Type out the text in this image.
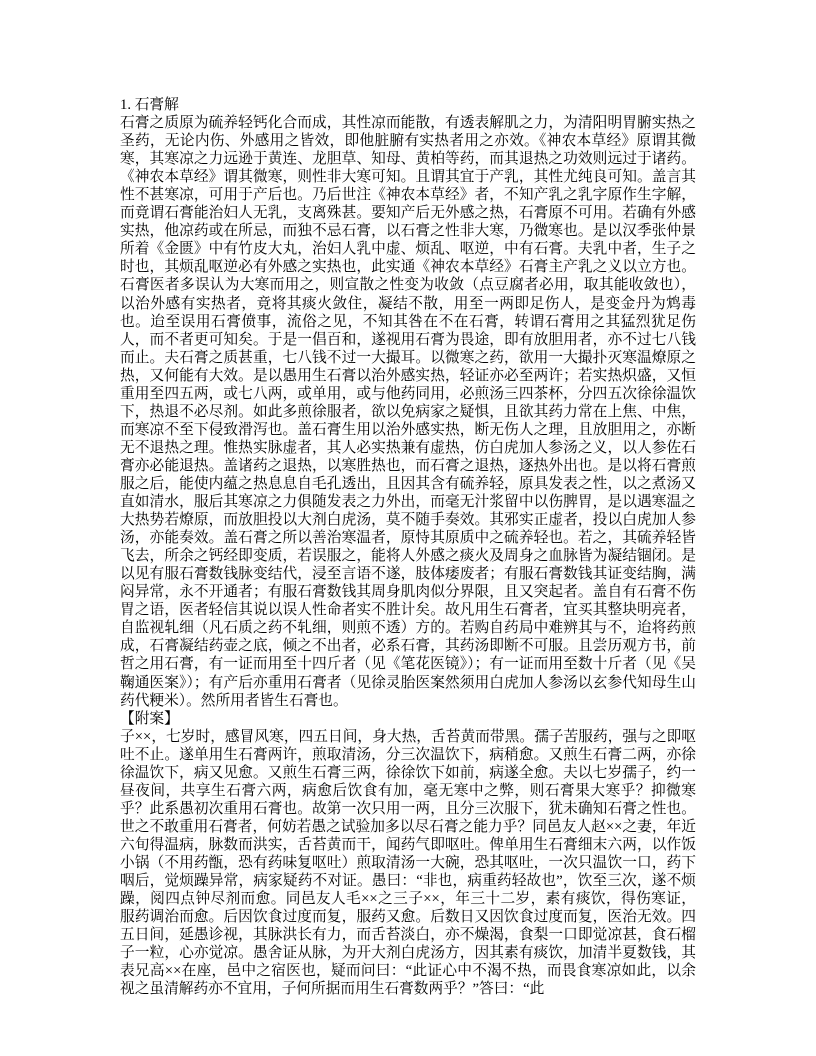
1. 石膏解

石膏之质原为硫养轻钙化合而成，其性凉而能散，有透表解肌之力，为清阳明胃腑实热之圣药，无论内伤、外感用之皆效，即他脏腑有实热者用之亦效。《神农本草经》原谓其微寒，其寒凉之力远逊于黄连、龙胆草、知母、黄柏等药，而其退热之功效则远过于诸药。《神农本草经》谓其微寒，则性非大寒可知。且谓其宜于产乳，其性尤纯良可知。盖言其性不甚寒凉，可用于产后也。乃后世注《神农本草经》者，不知产乳之乳字原作生字解，而竟谓石膏能治妇人无乳，支离殊甚。要知产后无外感之热，石膏原不可用。若确有外感实热，他凉药或在所忌，而独不忌石膏，以石膏之性非大寒，乃微寒也。是以汉季张仲景所着《金匮》中有竹皮大丸，治妇人乳中虚、烦乱、呕逆，中有石膏。夫乳中者，生子之时也，其烦乱呕逆必有外感之实热也，此实通《神农本草经》石膏主产乳之义以立方也。石膏医者多误认为大寒而用之，则宣散之性变为收敛（点豆腐者必用，取其能收敛也），以治外感有实热者，竟将其痰火敛住，凝结不散，用至一两即足伤人，是变金丹为鸩毒也。迨至误用石膏偾事，流俗之见，不知其咎在不在石膏，转谓石膏用之其猛烈犹足伤人，而不者更可知矣。于是一倡百和，遂视用石膏为畏途，即有放胆用者，亦不过七八钱而止。夫石膏之质甚重，七八钱不过一大撮耳。以微寒之药，欲用一大撮扑灭寒温燎原之热，又何能有大效。是以愚用生石膏以治外感实热，轻证亦必至两许；若实热炽盛，又恒重用至四五两，或七八两，或单用，或与他药同用，必煎汤三四茶杯，分四五次徐徐温饮下，热退不必尽剂。如此多煎徐服者，欲以免病家之疑惧，且欲其药力常在上焦、中焦，而寒凉不至下侵致滑泻也。盖石膏生用以治外感实热，断无伤人之理，且放胆用之，亦断无不退热之理。惟热实脉虚者，其人必实热兼有虚热，仿白虎加人参汤之义，以人参佐石膏亦必能退热。盖诸药之退热，以寒胜热也，而石膏之退热，逐热外出也。是以将石膏煎服之后，能使内蕴之热息息自毛孔透出，且因其含有硫养轻，原具发表之性，以之煮汤又直如清水，服后其寒凉之力俱随发表之力外出，而毫无汁浆留中以伤脾胃，是以遇寒温之大热势若燎原，而放胆投以大剂白虎汤，莫不随手奏效。其邪实正虚者，投以白虎加人参汤，亦能奏效。盖石膏之所以善治寒温者，原恃其原质中之硫养轻也。若之，其硫养轻皆飞去，所余之钙经即变质，若误服之，能将人外感之痰火及周身之血脉皆为凝结锢闭。是以见有服石膏数钱脉变结代，浸至言语不遂，肢体痿废者；有服石膏数钱其证变结胸，满闷异常，永不开通者；有服石膏数钱其周身肌肉似分界限，且又突起者。盖自有石膏不伤胃之语，医者轻信其说以误人性命者实不胜计矣。故凡用生石膏者，宜买其整块明亮者，自监视轧细（凡石质之药不轧细，则煎不透）方的。若购自药局中难辨其与不，迨将药煎成，石膏凝结药壶之底，倾之不出者，必系石膏，其药汤即断不可服。且尝历观方书，前哲之用石膏，有一证而用至十四斤者（见《笔花医镜》）；有一证而用至数十斤者（见《吴鞠通医案》）；有产后亦重用石膏者（见徐灵胎医案然须用白虎加人参汤以玄参代知母生山药代粳米）。然所用者皆生石膏也。

【附案】

子××，七岁时，感冒风寒，四五日间，身大热，舌苔黄而带黑。孺子苦服药，强与之即呕吐不止。遂单用生石膏两许，煎取清汤，分三次温饮下，病稍愈。又煎生石膏二两，亦徐徐温饮下，病又见愈。又煎生石膏三两，徐徐饮下如前，病遂全愈。夫以七岁孺子，约一昼夜间，共享生石膏六两，病愈后饮食有加，毫无寒中之弊，则石膏果大寒乎？抑微寒乎？此系愚初次重用石膏也。故第一次只用一两，且分三次服下，犹未确知石膏之性也。世之不敢重用石膏者，何妨若愚之试验加多以尽石膏之能力乎？同邑友人赵××之妻，年近六旬得温病，脉数而洪实，舌苔黄而干，闻药气即呕吐。俾单用生石膏细末六两，以作饭小锅（不用药甑，恐有药味复呕吐）煎取清汤一大碗，恐其呕吐，一次只温饮一口，药下咽后，觉烦躁异常，病家疑药不对证。愚曰：“非也，病重药轻故也”，饮至三次，遂不烦躁，阅四点钟尽剂而愈。同邑友人毛××之三子××，年三十二岁，素有痰饮，得伤寒证，服药调治而愈。后因饮食过度而复，服药又愈。后数日又因饮食过度而复，医治无效。四五日间，延愚诊视，其脉洪长有力，而舌苔淡白，亦不燥渴，食梨一口即觉凉甚，食石榴子一粒，心亦觉凉。愚舍证从脉，为开大剂白虎汤方，因其素有痰饮，加清半夏数钱，其表兄高××在座，邑中之宿医也，疑而问曰：“此证心中不渴不热，而畏食寒凉如此，以余视之虽清解药亦不宜用，子何所据而用生石膏数两乎？”答曰：“此
